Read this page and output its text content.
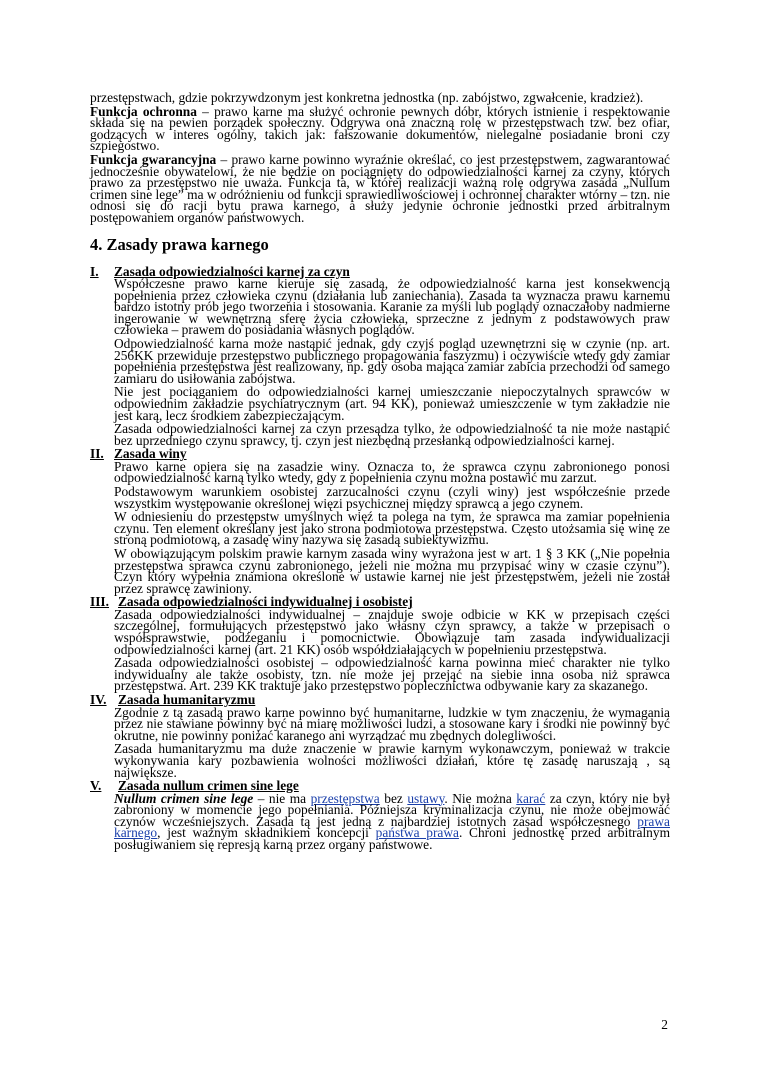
przestępstwach, gdzie pokrzywdzonym jest konkretna jednostka (np. zabójstwo, zgwałcenie, kradzież).

Funkcja ochronna – prawo karne ma służyć ochronie pewnych dóbr, których istnienie i respektowanie składa się na pewien porządek społeczny. Odgrywa ona znaczną rolę w przestępstwach tzw. bez ofiar, godzących w interes ogólny, takich jak: fałszowanie dokumentów, nielegalne posiadanie broni czy szpiegostwo.

Funkcja gwarancyjna – prawo karne powinno wyraźnie określać, co jest przestępstwem, zagwarantować jednocześnie obywatelowi, że nie będzie on pociągnięty do odpowiedzialności karnej za czyny, których prawo za przestępstwo nie uważa. Funkcja ta, w której realizacji ważną rolę odgrywa zasada „Nullum crimen sine lege” ma w odróżnieniu od funkcji sprawiedliwościowej i ochronnej charakter wtórny – tzn. nie odnosi się do racji bytu prawa karnego, a służy jedynie ochronie jednostki przed arbitralnym postępowaniem organów państwowych.

4. Zasady prawa karnego
I.	Zasada odpowiedzialności karnej za czyn

Współczesne prawo karne kieruje się zasadą, że odpowiedzialność karna jest konsekwencją popełnienia przez człowieka czynu (działania lub zaniechania). Zasada ta wyznacza prawu karnemu bardzo istotny prób jego tworzenia i stosowania. Karanie za myśli lub poglądy oznaczałoby nadmierne ingerowanie w wewnętrzną sferę życia człowieka, sprzeczne z jednym z podstawowych praw człowieka – prawem do posiadania własnych poglądów.

Odpowiedzialność karna może nastąpić jednak, gdy czyjś pogląd uzewnętrzni się w czynie (np. art. 256KK przewiduje przestępstwo publicznego propagowania faszyzmu) i oczywiście wtedy gdy zamiar popełnienia przestępstwa jest realizowany, np. gdy osoba mająca zamiar zabicia przechodzi od samego zamiaru do usiłowania zabójstwa.

Nie jest pociąganiem do odpowiedzialności karnej umieszczanie niepoczytalnych sprawców w odpowiednim zakładzie psychiatrycznym (art. 94 KK), ponieważ umieszczenie w tym zakładzie nie jest karą, lecz środkiem zabezpieczającym.

Zasada odpowiedzialności karnej za czyn przesądza tylko, że odpowiedzialność ta nie może nastąpić bez uprzedniego czynu sprawcy, tj. czyn jest niezbędną przesłanką odpowiedzialności karnej.

II. Zasada winy

Prawo karne opiera się na zasadzie winy. Oznacza to, że sprawca czynu zabronionego ponosi odpowiedzialność karną tylko wtedy, gdy z popełnienia czynu można postawić mu zarzut.

Podstawowym warunkiem osobistej zarzucalności czynu (czyli winy) jest współcześnie przede wszystkim występowanie określonej więzi psychicznej między sprawcą a jego czynem.

W odniesieniu do przestępstw umyślnych więź ta polega na tym, że sprawca ma zamiar popełnienia czynu. Ten element określany jest jako strona podmiotowa przestępstwa. Często utożsamia się winę ze stroną podmiotową, a zasadę winy nazywa się zasadą subiektywizmu.

W obowiązującym polskim prawie karnym zasada winy wyrażona jest w art. 1 § 3 KK („Nie popełnia przestępstwa sprawca czynu zabronionego, jeżeli nie można mu przypisać winy w czasie czynu”). Czyn który wypełnia znamiona określone w ustawie karnej nie jest przestępstwem, jeżeli nie został przez sprawcę zawiniony.

III. Zasada odpowiedzialności indywidualnej i osobistej

Zasada odpowiedzialności indywidualnej – znajduje swoje odbicie w KK w przepisach części szczególnej, formułujących przestępstwo jako własny czyn sprawcy, a także w przepisach o współsprawstwie, podżeganiu i pomocnictwie. Obowiązuje tam zasada indywidualizacji odpowiedzialności karnej (art. 21 KK) osób współdziałających w popełnieniu przestępstwa.

Zasada odpowiedzialności osobistej – odpowiedzialność karna powinna mieć charakter nie tylko indywidualny ale także osobisty, tzn. nie może jej przejąć na siebie inna osoba niż sprawca przestępstwa. Art. 239 KK traktuje jako przestępstwo poplecznictwa odbywanie kary za skazanego.

IV. Zasada humanitaryzmu

Zgodnie z tą zasadą prawo karne powinno być humanitarne, ludzkie w tym znaczeniu, że wymagania przez nie stawiane powinny być na miarę możliwości ludzi, a stosowane kary i środki nie powinny być okrutne, nie powinny poniżać karanego ani wyrządzać mu zbędnych dolegliwości.

Zasada humanitaryzmu ma duże znaczenie w prawie karnym wykonawczym, ponieważ w trakcie wykonywania kary pozbawienia wolności możliwości działań, które tę zasadę naruszają , są największe.

V.	Zasada nullum crimen sine lege

Nullum crimen sine lege – nie ma przestępstwa bez ustawy. Nie można karać za czyn, który nie był zabroniony w momencie jego popełniania. Późniejsza kryminalizacja czynu, nie może obejmować czynów wcześniejszych. Zasada tą jest jedną z najbardziej istotnych zasad współczesnego prawa karnego, jest ważnym składnikiem koncepcji państwa prawa. Chroni jednostkę przed arbitralnym posługiwaniem się represją karną przez organy państwowe.

2
